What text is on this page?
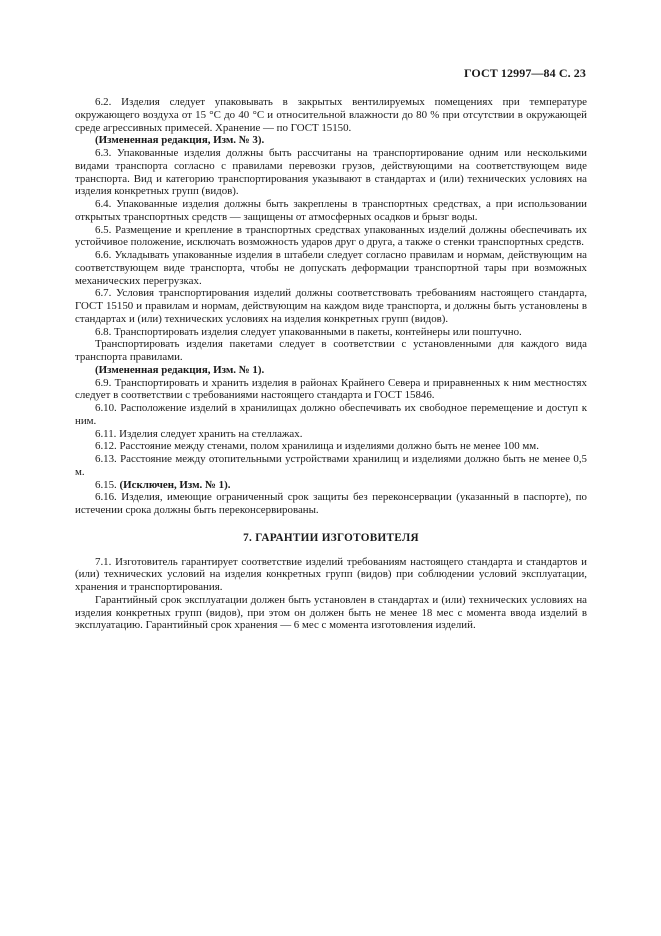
ГОСТ 12997—84 С. 23

6.2. Изделия следует упаковывать в закрытых вентилируемых помещениях при температуре окружающего воздуха от 15 °С до 40 °С и относительной влажности до 80 % при отсутствии в окружающей среде агрессивных примесей. Хранение — по ГОСТ 15150.

(Измененная редакция, Изм. № 3).

6.3. Упакованные изделия должны быть рассчитаны на транспортирование одним или несколькими видами транспорта согласно с правилами перевозки грузов, действующими на соответствующем виде транспорта. Вид и категорию транспортирования указывают в стандартах и (или) технических условиях на изделия конкретных групп (видов).

6.4. Упакованные изделия должны быть закреплены в транспортных средствах, а при использовании открытых транспортных средств — защищены от атмосферных осадков и брызг воды.

6.5. Размещение и крепление в транспортных средствах упакованных изделий должны обеспечивать их устойчивое положение, исключать возможность ударов друг о друга, а также о стенки транспортных средств.

6.6. Укладывать упакованные изделия в штабели следует согласно правилам и нормам, действующим на соответствующем виде транспорта, чтобы не допускать деформации транспортной тары при возможных механических перегрузках.

6.7. Условия транспортирования изделий должны соответствовать требованиям настоящего стандарта, ГОСТ 15150 и правилам и нормам, действующим на каждом виде транспорта, и должны быть установлены в стандартах и (или) технических условиях на изделия конкретных групп (видов).

6.8. Транспортировать изделия следует упакованными в пакеты, контейнеры или поштучно.

Транспортировать изделия пакетами следует в соответствии с установленными для каждого вида транспорта правилами.

(Измененная редакция, Изм. № 1).

6.9. Транспортировать и хранить изделия в районах Крайнего Севера и приравненных к ним местностях следует в соответствии с требованиями настоящего стандарта и ГОСТ 15846.

6.10. Расположение изделий в хранилищах должно обеспечивать их свободное перемещение и доступ к ним.

6.11. Изделия следует хранить на стеллажах.

6.12. Расстояние между стенами, полом хранилища и изделиями должно быть не менее 100 мм.

6.13. Расстояние между отопительными устройствами хранилищ и изделиями должно быть не менее 0,5 м.

6.15. (Исключен, Изм. № 1).

6.16. Изделия, имеющие ограниченный срок защиты без переконсервации (указанный в паспорте), по истечении срока должны быть переконсервированы.

7. ГАРАНТИИ ИЗГОТОВИТЕЛЯ

7.1. Изготовитель гарантирует соответствие изделий требованиям настоящего стандарта и стандартов и (или) технических условий на изделия конкретных групп (видов) при соблюдении условий эксплуатации, хранения и транспортирования.

Гарантийный срок эксплуатации должен быть установлен в стандартах и (или) технических условиях на изделия конкретных групп (видов), при этом он должен быть не менее 18 мес с момента ввода изделий в эксплуатацию. Гарантийный срок хранения — 6 мес с момента изготовления изделий.
